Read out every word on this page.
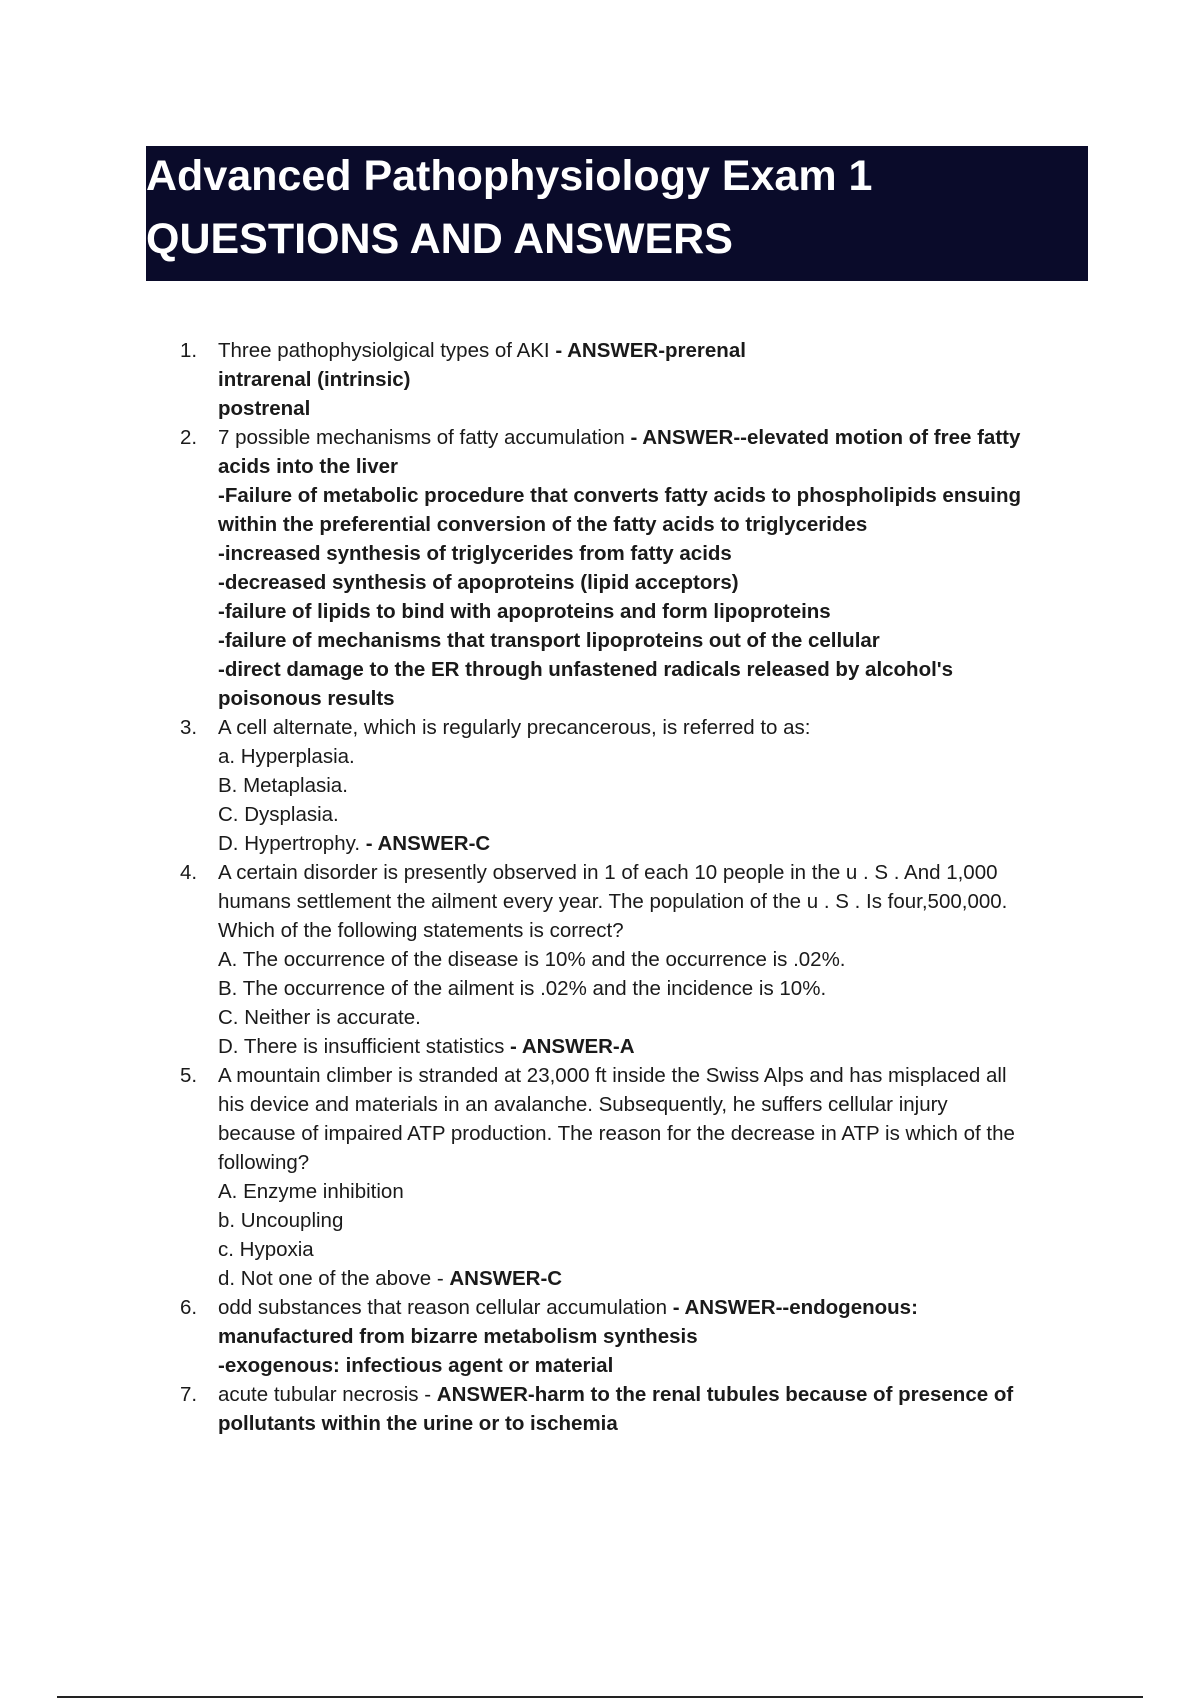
Advanced Pathophysiology Exam 1
QUESTIONS AND ANSWERS
1. Three pathophysiolgical types of AKI - ANSWER-prerenal
intrarenal (intrinsic)
postrenal
2. 7 possible mechanisms of fatty accumulation - ANSWER--elevated motion of free fatty
acids into the liver
-Failure of metabolic procedure that converts fatty acids to phospholipids ensuing
within the preferential conversion of the fatty acids to triglycerides
-increased synthesis of triglycerides from fatty acids
-decreased synthesis of apoproteins (lipid acceptors)
-failure of lipids to bind with apoproteins and form lipoproteins
-failure of mechanisms that transport lipoproteins out of the cellular
-direct damage to the ER through unfastened radicals released by alcohol's
poisonous results
3. A cell alternate, which is regularly precancerous, is referred to as:
a. Hyperplasia.
B. Metaplasia.
C. Dysplasia.
D. Hypertrophy. - ANSWER-C
4. A certain disorder is presently observed in 1 of each 10 people in the u . S . And 1,000
humans settlement the ailment every year. The population of the u . S . Is four,500,000.
Which of the following statements is correct?
A. The occurrence of the disease is 10% and the occurrence is .02%.
B. The occurrence of the ailment is .02% and the incidence is 10%.
C. Neither is accurate.
D. There is insufficient statistics - ANSWER-A
5. A mountain climber is stranded at 23,000 ft inside the Swiss Alps and has misplaced all
his device and materials in an avalanche. Subsequently, he suffers cellular injury
because of impaired ATP production. The reason for the decrease in ATP is which of the
following?
A. Enzyme inhibition
b. Uncoupling
c. Hypoxia
d. Not one of the above - ANSWER-C
6. odd substances that reason cellular accumulation - ANSWER--endogenous:
manufactured from bizarre metabolism synthesis
-exogenous: infectious agent or material
7. acute tubular necrosis - ANSWER-harm to the renal tubules because of presence of
pollutants within the urine or to ischemia
